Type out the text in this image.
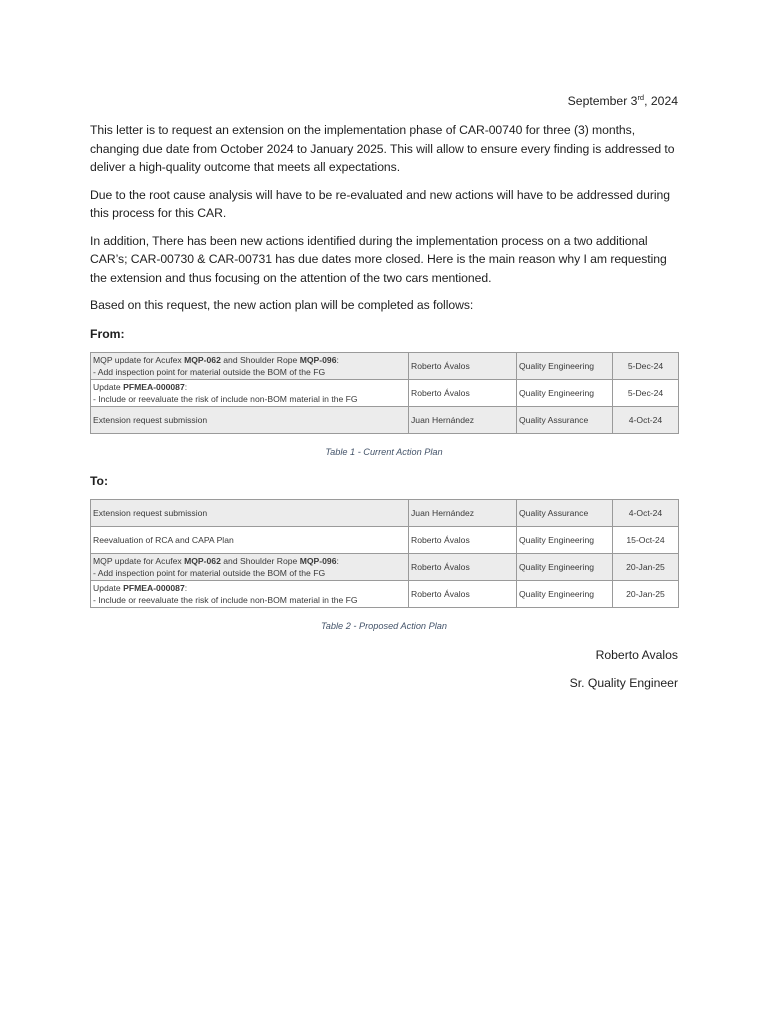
September 3rd, 2024

This letter is to request an extension on the implementation phase of CAR-00740 for three (3) months, changing due date from October 2024 to January 2025. This will allow to ensure every finding is addressed to deliver a high-quality outcome that meets all expectations.

Due to the root cause analysis will have to be re-evaluated and new actions will have to be addressed during this process for this CAR.

In addition, There has been new actions identified during the implementation process on a two additional CAR’s; CAR-00730 & CAR-00731 has due dates more closed. Here is the main reason why I am requesting the extension and thus focusing on the attention of the two cars mentioned.

Based on this request, the new action plan will be completed as follows:

From:
MQP update for Acufex MQP-062 and Shoulder Rope MQP-096:
- Add inspection point for material outside the BOM of the FG	Roberto Ávalos	Quality Engineering	5-Dec-24

Update PFMEA-000087:
- Include or reevaluate the risk of include non-BOM material in the FG	Roberto Ávalos	Quality Engineering	5-Dec-24
Extension request submission	Juan Hernández	Quality Assurance	4-Oct-24
Table 1 - Current Action Plan
To:
Extension request submission	Juan Hernández	Quality Assurance	4-Oct-24
Reevaluation of RCA and CAPA Plan	Roberto Ávalos	Quality Engineering	15-Oct-24

MQP update for Acufex MQP-062 and Shoulder Rope MQP-096:
- Add inspection point for material outside the BOM of the FG	Roberto Ávalos	Quality Engineering	20-Jan-25

Update PFMEA-000087:
- Include or reevaluate the risk of include non-BOM material in the FG	Roberto Ávalos	Quality Engineering	20-Jan-25
Table 2 - Proposed Action Plan
Roberto Avalos
Sr. Quality Engineer
